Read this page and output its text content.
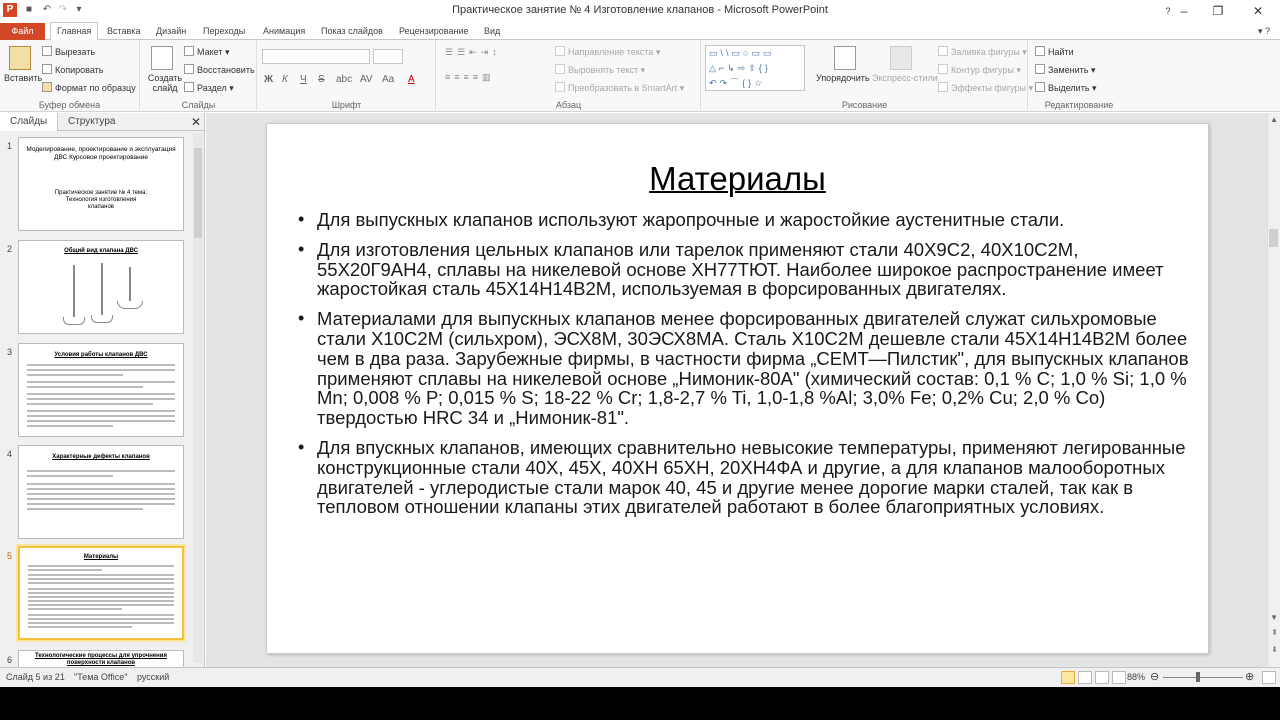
P	■	↶ ↷ ▾	Практическое занятие № 4 Изготовление клапанов - Microsoft PowerPoint	? –	❐	✕
Файл	Главная	Вставка	Дизайн	Переходы	Анимация	Показ слайдов	Рецензирование	Вид	▾ ?
Вставить
Вырезать
Копировать
Формат по образцу
Буфер обмена
Создать слайд
Макет ▾
Восстановить
Раздел ▾
Слайды
Ж К Ч S abc AV Aa A
Шрифт
☰☰⇤⇥↕
≡≡≡≡▥
Направление текста ▾
Выровнять текст ▾
Преобразовать в SmartArt ▾
Абзац
▭\\▭○▭▭
△⌐↳⇨⇧{}
↶↷⌒{}☆	Упорядочить Экспресс-стили
Заливка фигуры ▾
Контур фигуры ▾
Эффекты фигуры ▾
Рисование
Найти
Заменить ▾
Выделить ▾
Редактирование
Слайды	Структура	✕
1	Моделирование, проектирование и эксплуатация ДВС Курсовое проектирование
Практическое занятие № 4 тема: Технология изготовления клапанов
2	Общий вид клапана ДВС
3	Условия работы клапанов ДВС
4	Характерные дефекты клапанов
5	Материалы
6	Технологические процессы для упрочнения поверхности клапанов
Материалы
• Для выпускных клапанов используют жаропрочные и жаростойкие аустенитные стали.
• Для изготовления цельных клапанов или тарелок применяют стали 40Х9С2, 40Х10С2М, 55Х20Г9АН4, сплавы на никелевой основе ХН77ТЮТ. Наиболее широкое распространение имеет жаростойкая сталь 45Х14Н14В2М, используемая в форсированных двигателях.
• Материалами для выпускных клапанов менее форсированных двигателей служат сильхромовые стали Х10С2М (сильхром), ЭСХ8М, 30ЭСХ8МА. Сталь Х10С2М дешевле стали 45Х14Н14В2М более чем в два раза. Зарубежные фирмы, в частности фирма „СЕМТ—Пилстик", для выпускных клапанов применяют сплавы на никелевой основе „Нимоник-80А" (химический состав: 0,1 % С; 1,0 % Si; 1,0 % Mn; 0,008 % Р; 0,015 % S; 18-22 % Cr; 1,8-2,7 % Ti, 1,0-1,8 %Al; 3,0% Fe; 0,2% Cu; 2,0 % Co) твердостью HRC 34 и „Нимоник-81".
• Для впускных клапанов, имеющих сравнительно невысокие температуры, применяют легированные конструкционные стали 40Х, 45Х, 40ХН 65ХН, 20ХН4ФА и другие, а для клапанов малооборотных двигателей - углеродистые стали марок 40, 45 и другие менее дорогие марки сталей, так как в тепловом отношении клапаны этих двигателей работают в более благоприятных условиях.
▲
▼
⇞
⇟
Слайд 5 из 21 "Тема Office" русский	88% ⊖	⊕
